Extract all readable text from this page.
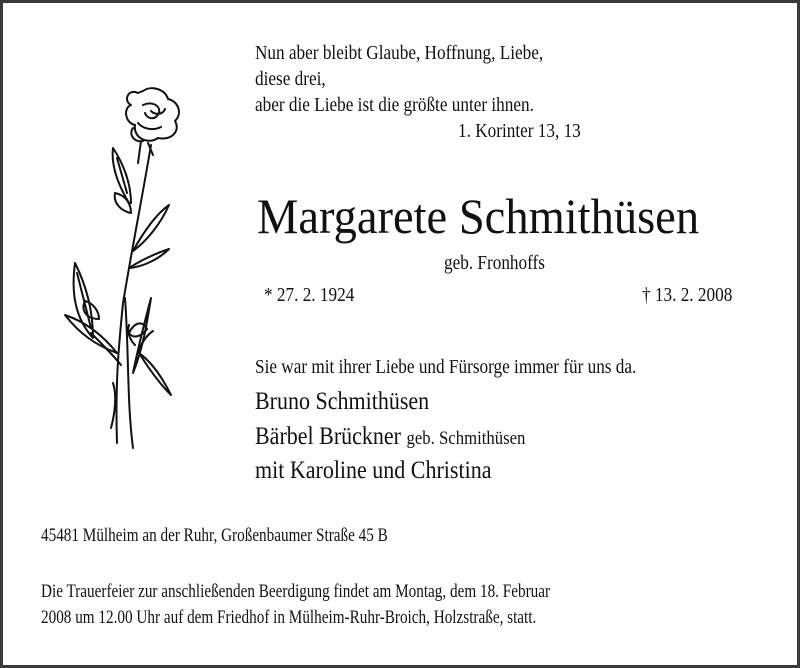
Nun aber bleibt Glaube, Hoffnung, Liebe,
diese drei,
aber die Liebe ist die größte unter ihnen.
1. Korinter 13, 13
Margarete Schmithüsen
geb. Fronhoffs
* 27. 2. 1924	† 13. 2. 2008
Sie war mit ihrer Liebe und Fürsorge immer für uns da.
Bruno Schmithüsen
Bärbel Brückner geb. Schmithüsen
mit Karoline und Christina
45481 Mülheim an der Ruhr, Großenbaumer Straße 45 B
Die Trauerfeier zur anschließenden Beerdigung findet am Montag, dem 18. Februar
2008 um 12.00 Uhr auf dem Friedhof in Mülheim-Ruhr-Broich, Holzstraße, statt.
